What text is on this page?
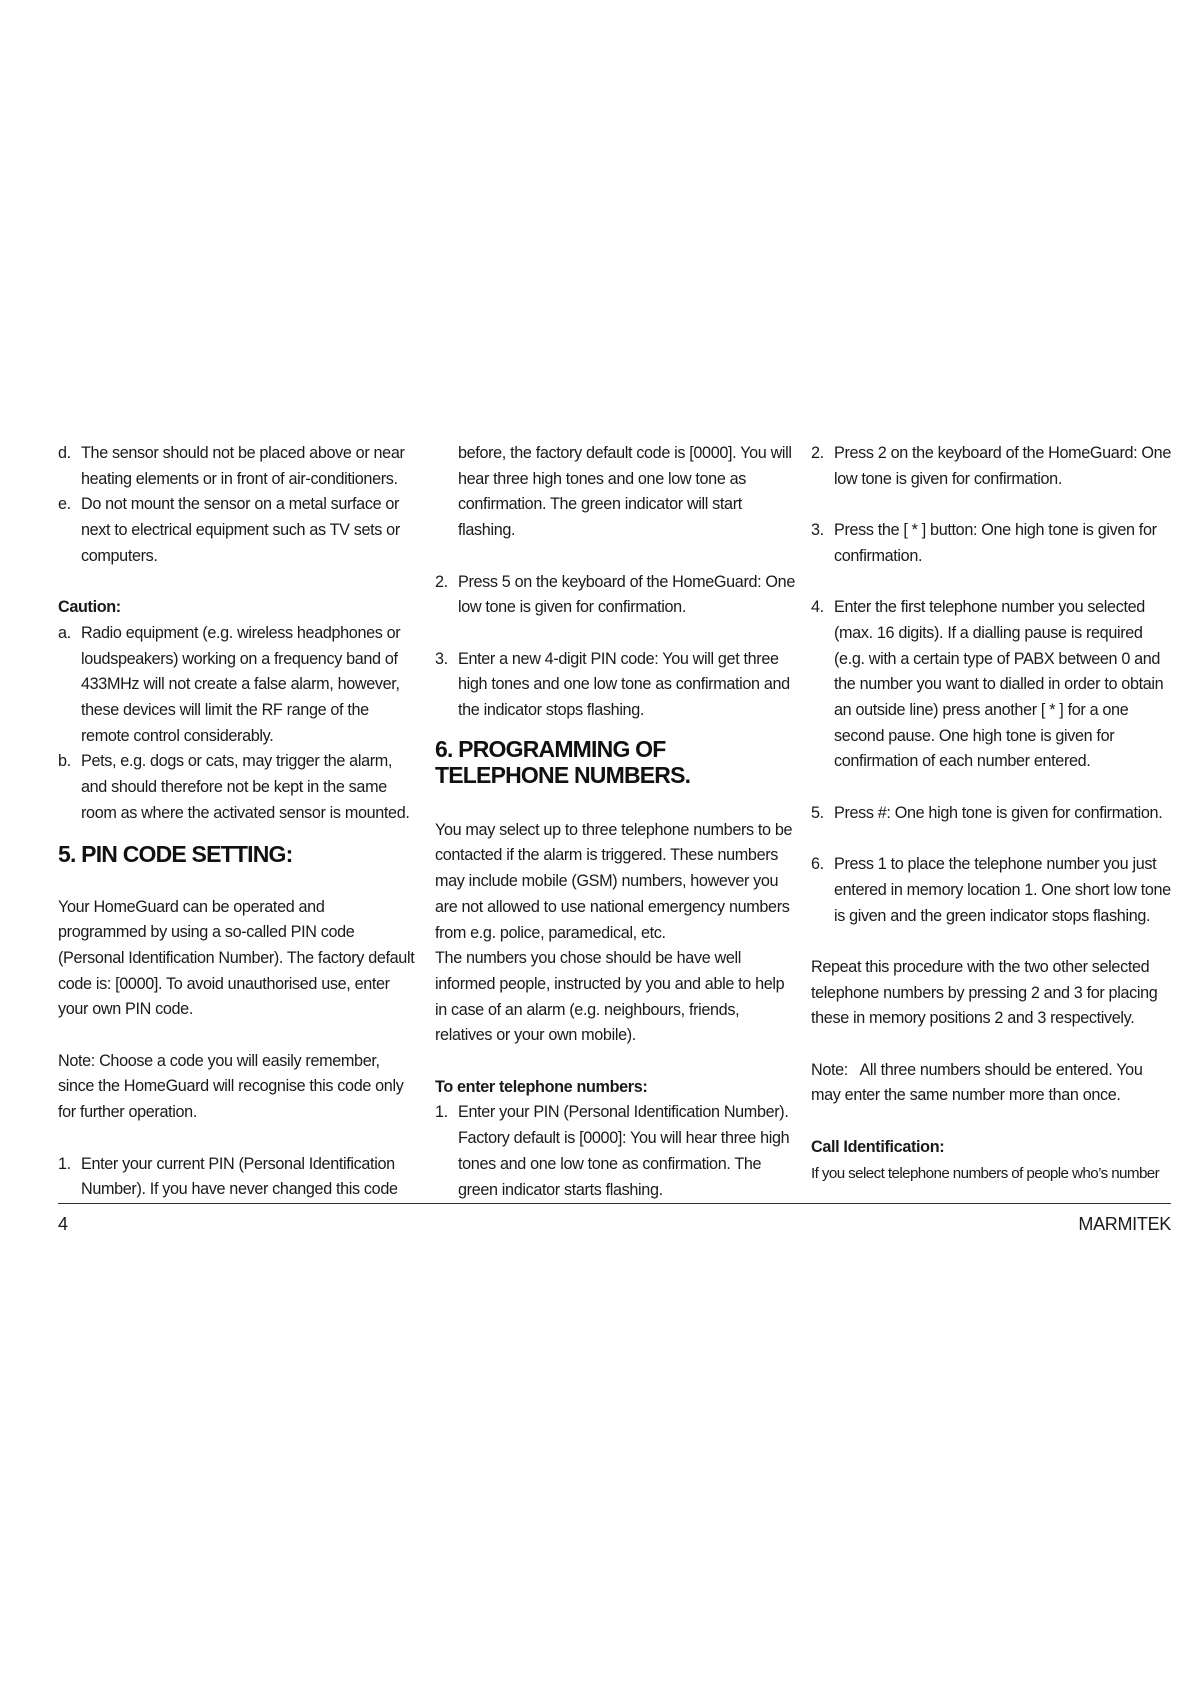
d. The sensor should not be placed above or near heating elements or in front of air-conditioners.
e. Do not mount the sensor on a metal surface or next to electrical equipment such as TV sets or computers.
Caution:
a. Radio equipment (e.g. wireless headphones or loudspeakers) working on a frequency band of 433MHz will not create a false alarm, however, these devices will limit the RF range of the remote control considerably.
b. Pets, e.g. dogs or cats, may trigger the alarm, and should therefore not be kept in the same room as where the activated sensor is mounted.
5. PIN CODE SETTING:
Your HomeGuard can be operated and programmed by using a so-called PIN code (Personal Identification Number). The factory default code is: [0000]. To avoid unauthorised use, enter your own PIN code.
Note: Choose a code you will easily remember, since the HomeGuard will recognise this code only for further operation.
1. Enter your current PIN (Personal Identification Number). If you have never changed this code
before, the factory default code is [0000]. You will hear three high tones and one low tone as confirmation. The green indicator will start flashing.
2. Press 5 on the keyboard of the HomeGuard: One low tone is given for confirmation.
3. Enter a new 4-digit PIN code: You will get three high tones and one low tone as confirmation and the indicator stops flashing.
6. PROGRAMMING OF
TELEPHONE NUMBERS.
You may select up to three telephone numbers to be contacted if the alarm is triggered. These numbers may include mobile (GSM) numbers, however you are not allowed to use national emergency numbers from e.g. police, paramedical, etc.
The numbers you chose should be have well informed people, instructed by you and able to help in case of an alarm (e.g. neighbours, friends, relatives or your own mobile).
To enter telephone numbers:
1. Enter your PIN (Personal Identification Number). Factory default is [0000]: You will hear three high tones and one low tone as confirmation. The green indicator starts flashing.
2. Press 2 on the keyboard of the HomeGuard: One low tone is given for confirmation.
3. Press the [ * ] button: One high tone is given for confirmation.
4. Enter the first telephone number you selected (max. 16 digits). If a dialling pause is required (e.g. with a certain type of PABX between 0 and the number you want to dialled in order to obtain an outside line) press another [ * ] for a one second pause. One high tone is given for confirmation of each number entered.
5. Press #: One high tone is given for confirmation.
6. Press 1 to place the telephone number you just entered in memory location 1. One short low tone is given and the green indicator stops flashing.
Repeat this procedure with the two other selected telephone numbers by pressing 2 and 3 for placing these in memory positions 2 and 3 respectively.
Note:   All three numbers should be entered. You may enter the same number more than once.
Call Identification:
If you select telephone numbers of people who’s number
4	MARMITEK
